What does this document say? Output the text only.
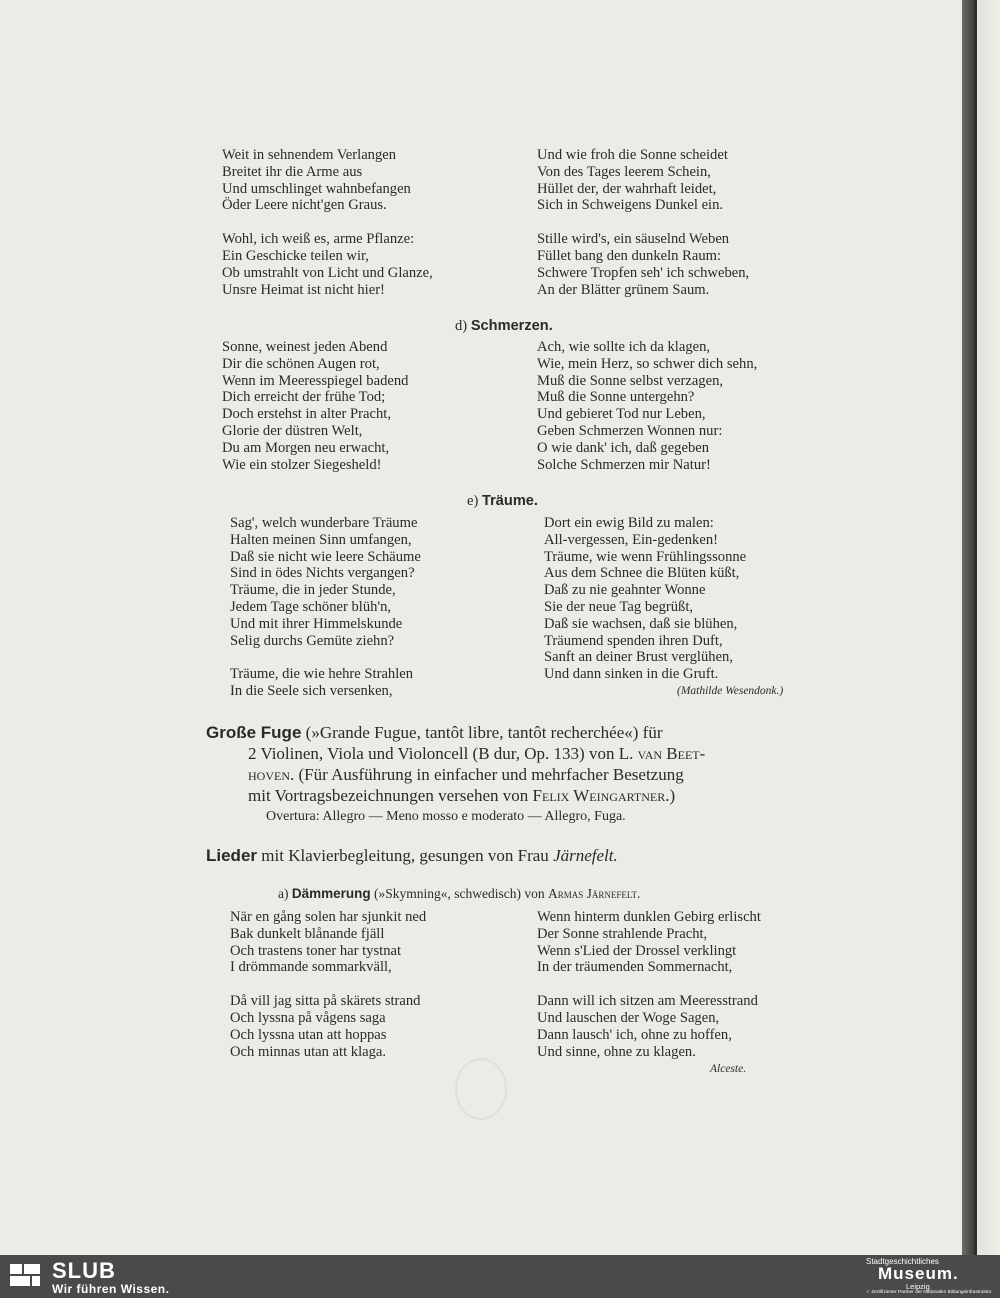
Weit in sehnendem Verlangen
Breitet ihr die Arme aus
Und umschlinget wahnbefangen
Öder Leere nicht'gen Graus.
Wohl, ich weiß es, arme Pflanze:
Ein Geschicke teilen wir,
Ob umstrahlt von Licht und Glanze,
Unsre Heimat ist nicht hier!
Und wie froh die Sonne scheidet
Von des Tages leerem Schein,
Hüllet der, der wahrhaft leidet,
Sich in Schweigens Dunkel ein.
Stille wird's, ein säuselnd Weben
Füllet bang den dunkeln Raum:
Schwere Tropfen seh' ich schweben,
An der Blätter grünem Saum.
d) Schmerzen.
Sonne, weinest jeden Abend
Dir die schönen Augen rot,
Wenn im Meeresspiegel badend
Dich erreicht der frühe Tod;
Doch erstehst in alter Pracht,
Glorie der düstren Welt,
Du am Morgen neu erwacht,
Wie ein stolzer Siegesheld!
Ach, wie sollte ich da klagen,
Wie, mein Herz, so schwer dich sehn,
Muß die Sonne selbst verzagen,
Muß die Sonne untergehn?
Und gebieret Tod nur Leben,
Geben Schmerzen Wonnen nur:
O wie dank' ich, daß gegeben
Solche Schmerzen mir Natur!
e) Träume.
Sag', welch wunderbare Träume
Halten meinen Sinn umfangen,
Daß sie nicht wie leere Schäume
Sind in ödes Nichts vergangen?
Träume, die in jeder Stunde,
Jedem Tage schöner blüh'n,
Und mit ihrer Himmelskunde
Selig durchs Gemüte ziehn?
Träume, die wie hehre Strahlen
In die Seele sich versenken,
Dort ein ewig Bild zu malen:
All-vergessen, Ein-gedenken!
Träume, wie wenn Frühlingssonne
Aus dem Schnee die Blüten küßt,
Daß zu nie geahnter Wonne
Sie der neue Tag begrüßt,
Daß sie wachsen, daß sie blühen,
Träumend spenden ihren Duft,
Sanft an deiner Brust verglühen,
Und dann sinken in die Gruft.
(Mathilde Wesendonk.)
Große Fuge (»Grande Fugue, tantôt libre, tantôt recherchée«) für
2 Violinen, Viola und Violoncell (B dur, Op. 133) von L. van Beet-
hoven. (Für Ausführung in einfacher und mehrfacher Besetzung
mit Vortragsbezeichnungen versehen von Felix Weingartner.)
Overtura: Allegro — Meno mosso e moderato — Allegro, Fuga.
Lieder mit Klavierbegleitung, gesungen von Frau Järnefelt.
a) Dämmerung (»Skymning«, schwedisch) von Armas Järnefelt.
När en gång solen har sjunkit ned
Bak dunkelt blånande fjäll
Och trastens toner har tystnat
I drömmande sommarkväll,
Då vill jag sitta på skärets strand
Och lyssna på vågens saga
Och lyssna utan att hoppas
Och minnas utan att klaga.
Wenn hinterm dunklen Gebirg erlischt
Der Sonne strahlende Pracht,
Wenn s'Lied der Drossel verklingt
In der träumenden Sommernacht,
Dann will ich sitzen am Meeresstrand
Und lauschen der Woge Sagen,
Dann lausch' ich, ohne zu hoffen,
Und sinne, ohne zu klagen.
Alceste.
SLUB
Wir führen Wissen.
Stadtgeschichtliches
Museum.
Leipzig
✓ Zertifizierter Partner der Nationalen Bildungsinfrastruktur
